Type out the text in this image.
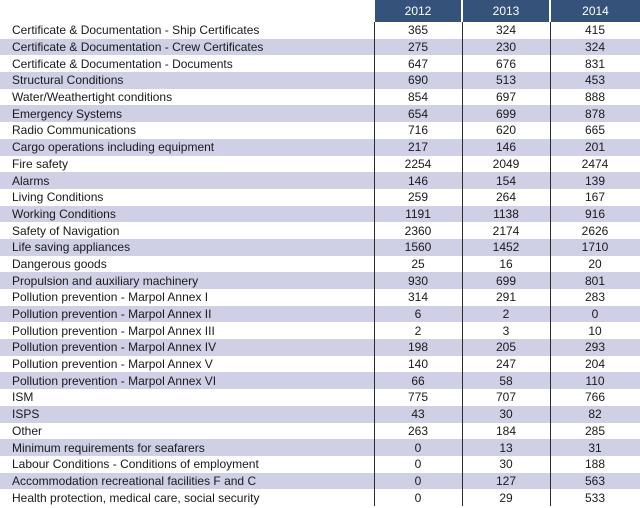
	2012	2013	2014
Certificate & Documentation - Ship Certificates	365	324	415
Certificate & Documentation - Crew Certificates	275	230	324
Certificate & Documentation - Documents	647	676	831
Structural Conditions	690	513	453
Water/Weathertight conditions	854	697	888
Emergency Systems	654	699	878
Radio Communications	716	620	665
Cargo operations including equipment	217	146	201
Fire safety	2254	2049	2474
Alarms	146	154	139
Living Conditions	259	264	167
Working Conditions	1191	1138	916
Safety of Navigation	2360	2174	2626
Life saving appliances	1560	1452	1710
Dangerous goods	25	16	20
Propulsion and auxiliary machinery	930	699	801
Pollution prevention - Marpol Annex I	314	291	283
Pollution prevention - Marpol Annex II	6	2	0
Pollution prevention - Marpol Annex III	2	3	10
Pollution prevention - Marpol Annex IV	198	205	293
Pollution prevention - Marpol Annex V	140	247	204
Pollution prevention - Marpol Annex VI	66	58	110
ISM	775	707	766
ISPS	43	30	82
Other	263	184	285
Minimum requirements for seafarers	0	13	31
Labour Conditions - Conditions of employment	0	30	188
Accommodation recreational facilities F and C	0	127	563
Health protection, medical care, social security	0	29	533
